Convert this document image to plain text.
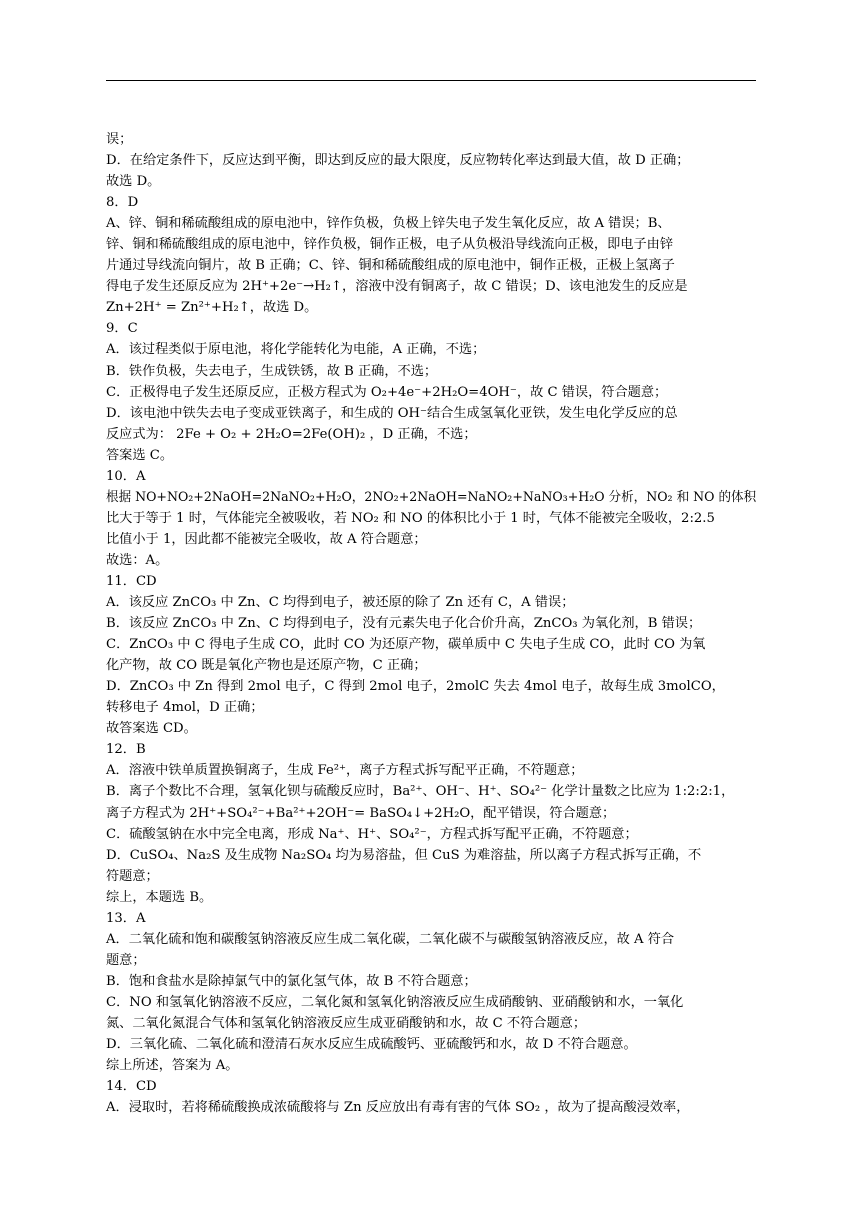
误；
D．在给定条件下，反应达到平衡，即达到反应的最大限度，反应物转化率达到最大值，故 D 正确；
故选 D。
8．D
A、锌、铜和稀硫酸组成的原电池中，锌作负极，负极上锌失电子发生氧化反应，故 A 错误；B、
锌、铜和稀硫酸组成的原电池中，锌作负极，铜作正极，电子从负极沿导线流向正极，即电子由锌
片通过导线流向铜片，故 B 正确；C、锌、铜和稀硫酸组成的原电池中，铜作正极，正极上氢离子
得电子发生还原反应为 2H⁺+2e⁻→H₂↑，溶液中没有铜离子，故 C 错误；D、该电池发生的反应是
Zn+2H⁺ = Zn²⁺+H₂↑，故选 D。
9．C
A．该过程类似于原电池，将化学能转化为电能，A 正确，不选；
B．铁作负极，失去电子，生成铁锈，故 B 正确，不选；
C．正极得电子发生还原反应，正极方程式为 O₂+4e⁻+2H₂O=4OH⁻，故 C 错误，符合题意；
D．该电池中铁失去电子变成亚铁离子，和生成的 OH⁻结合生成氢氧化亚铁，发生电化学反应的总
反应式为： 2Fe + O₂ + 2H₂O=2Fe(OH)₂ ，D 正确，不选；
答案选 C。
10．A
根据 NO+NO₂+2NaOH=2NaNO₂+H₂O，2NO₂+2NaOH=NaNO₂+NaNO₃+H₂O 分析，NO₂ 和 NO 的体积
比大于等于 1 时，气体能完全被吸收，若 NO₂ 和 NO 的体积比小于 1 时，气体不能被完全吸收，2:2.5
比值小于 1，因此都不能被完全吸收，故 A 符合题意；
故选：A。
11．CD
A．该反应 ZnCO₃ 中 Zn、C 均得到电子，被还原的除了 Zn 还有 C，A 错误；
B．该反应 ZnCO₃ 中 Zn、C 均得到电子，没有元素失电子化合价升高，ZnCO₃ 为氧化剂，B 错误；
C．ZnCO₃ 中 C 得电子生成 CO，此时 CO 为还原产物，碳单质中 C 失电子生成 CO，此时 CO 为氧
化产物，故 CO 既是氧化产物也是还原产物，C 正确；
D．ZnCO₃ 中 Zn 得到 2mol 电子，C 得到 2mol 电子，2molC 失去 4mol 电子，故每生成 3molCO，
转移电子 4mol，D 正确；
故答案选 CD。
12．B
A．溶液中铁单质置换铜离子，生成 Fe²⁺，离子方程式拆写配平正确，不符题意；
B．离子个数比不合理，氢氧化钡与硫酸反应时，Ba²⁺、OH⁻、H⁺、SO₄²⁻ 化学计量数之比应为 1:2:2:1，
离子方程式为 2H⁺+SO₄²⁻+Ba²⁺+2OH⁻= BaSO₄↓+2H₂O，配平错误，符合题意；
C．硫酸氢钠在水中完全电离，形成 Na⁺、H⁺、SO₄²⁻，方程式拆写配平正确，不符题意；
D．CuSO₄、Na₂S 及生成物 Na₂SO₄ 均为易溶盐，但 CuS 为难溶盐，所以离子方程式拆写正确，不
符题意；
综上，本题选 B。
13．A
A．二氧化硫和饱和碳酸氢钠溶液反应生成二氧化碳，二氧化碳不与碳酸氢钠溶液反应，故 A 符合
题意；
B．饱和食盐水是除掉氯气中的氯化氢气体，故 B 不符合题意；
C．NO 和氢氧化钠溶液不反应，二氧化氮和氢氧化钠溶液反应生成硝酸钠、亚硝酸钠和水，一氧化
氮、二氧化氮混合气体和氢氧化钠溶液反应生成亚硝酸钠和水，故 C 不符合题意；
D．三氧化硫、二氧化硫和澄清石灰水反应生成硫酸钙、亚硫酸钙和水，故 D 不符合题意。
综上所述，答案为 A。
14．CD
A．浸取时，若将稀硫酸换成浓硫酸将与 Zn 反应放出有毒有害的气体 SO₂ ，故为了提高酸浸效率，
